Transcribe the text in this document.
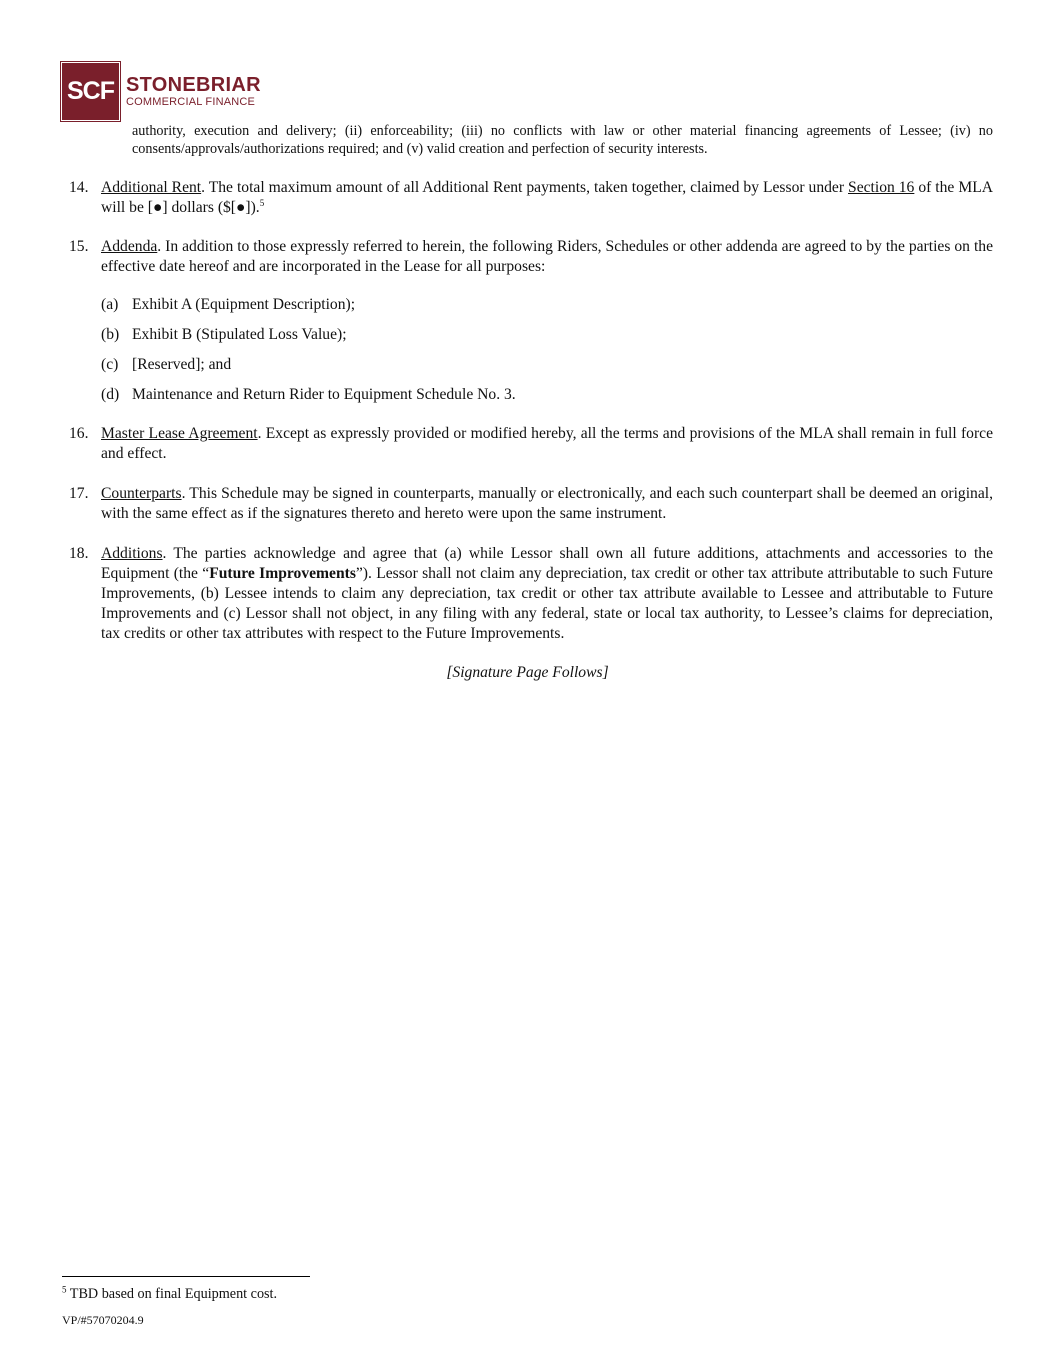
SCF STONEBRIAR
COMMERCIAL FINANCE
authority, execution and delivery; (ii) enforceability; (iii) no conflicts with law or other material financing agreements of Lessee; (iv) no consents/approvals/authorizations required; and (v) valid creation and perfection of security interests.
14. Additional Rent. The total maximum amount of all Additional Rent payments, taken together, claimed by Lessor under Section 16 of the MLA will be [●] dollars ($[●]).$^5$
15. Addenda. In addition to those expressly referred to herein, the following Riders, Schedules or other addenda are agreed to by the parties on the effective date hereof and are incorporated in the Lease for all purposes:
(a) Exhibit A (Equipment Description);
(b) Exhibit B (Stipulated Loss Value);
(c) [Reserved]; and
(d) Maintenance and Return Rider to Equipment Schedule No. 3.
16. Master Lease Agreement. Except as expressly provided or modified hereby, all the terms and provisions of the MLA shall remain in full force and effect.
17. Counterparts. This Schedule may be signed in counterparts, manually or electronically, and each such counterpart shall be deemed an original, with the same effect as if the signatures thereto and hereto were upon the same instrument.
18. Additions. The parties acknowledge and agree that (a) while Lessor shall own all future additions, attachments and accessories to the Equipment (the “Future Improvements”). Lessor shall not claim any depreciation, tax credit or other tax attribute attributable to such Future Improvements, (b) Lessee intends to claim any depreciation, tax credit or other tax attribute available to Lessee and attributable to Future Improvements and (c) Lessor shall not object, in any filing with any federal, state or local tax authority, to Lessee’s claims for depreciation, tax credits or other tax attributes with respect to the Future Improvements.
[Signature Page Follows]
$^5$ TBD based on final Equipment cost.
VP/#57070204.9
